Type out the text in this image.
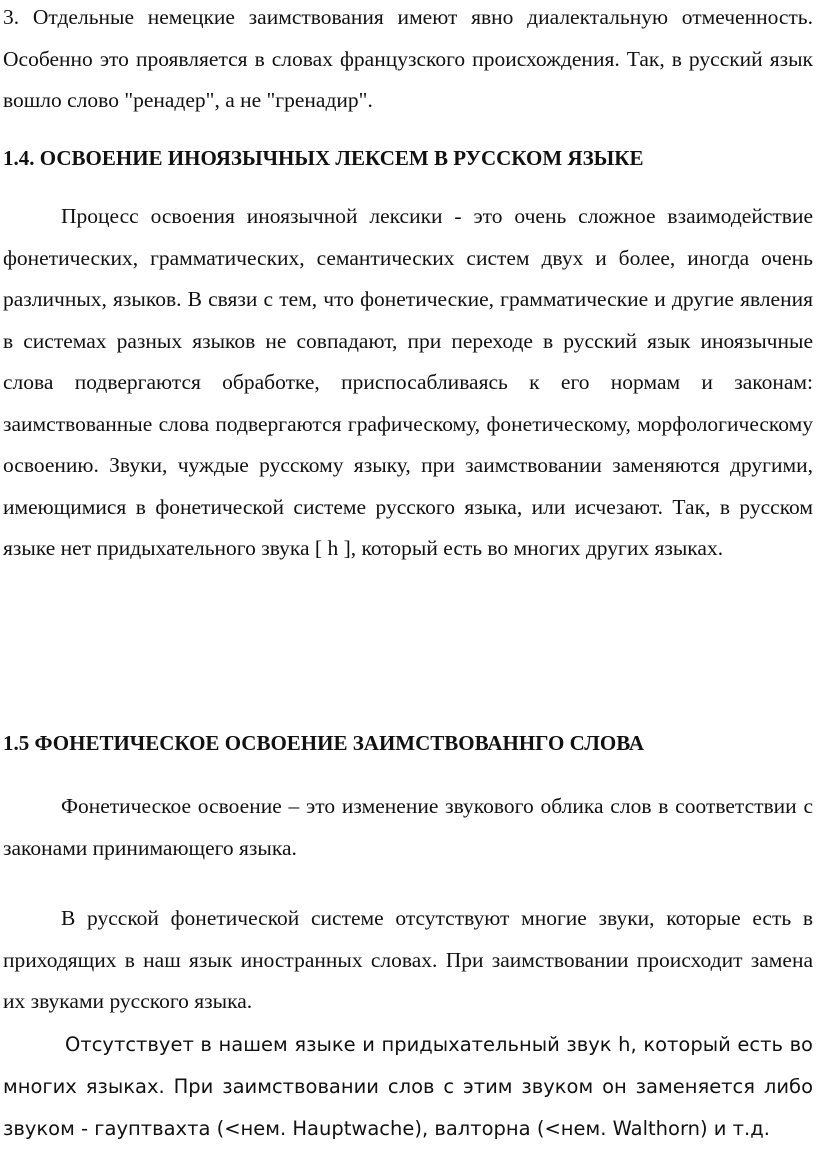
3. Отдельные немецкие заимствования имеют явно диалектальную отмеченность. Особенно это проявляется в словах французского происхождения. Так, в русский язык вошло слово "ренадер", а не "гренадир".

1.4. ОСВОЕНИЕ ИНОЯЗЫЧНЫХ ЛЕКСЕМ В РУССКОМ ЯЗЫКЕ

Процесс освоения иноязычной лексики - это очень сложное взаимодействие фонетических, грамматических, семантических систем двух и более, иногда очень различных, языков. В связи с тем, что фонетические, грамматические и другие явления в системах разных языков не совпадают, при переходе в русский язык иноязычные слова подвергаются обработке, приспосабливаясь к его нормам и законам: заимствованные слова подвергаются графическому, фонетическому, морфологическому освоению. Звуки, чуждые русскому языку, при заимствовании заменяются другими, имеющимися в фонетической системе русского языка, или исчезают. Так, в русском языке нет придыхательного звука [ h ], который есть во многих других языках.

1.5 ФОНЕТИЧЕСКОЕ ОСВОЕНИЕ ЗАИМСТВОВАННГО СЛОВА

Фонетическое освоение – это изменение звукового облика слов в соответствии с законами принимающего языка.

В русской фонетической системе отсутствуют многие звуки, которые есть в приходящих в наш язык иностранных словах. При заимствовании происходит замена их звуками русского языка.

Отсутствует в нашем языке и придыхательный звук h, который есть во многих языках. При заимствовании слов с этим звуком он заменяется либо звуком - гауптвахта (<нем. Hauptwache), валторна (<нем. Walthorn) и т.д.
